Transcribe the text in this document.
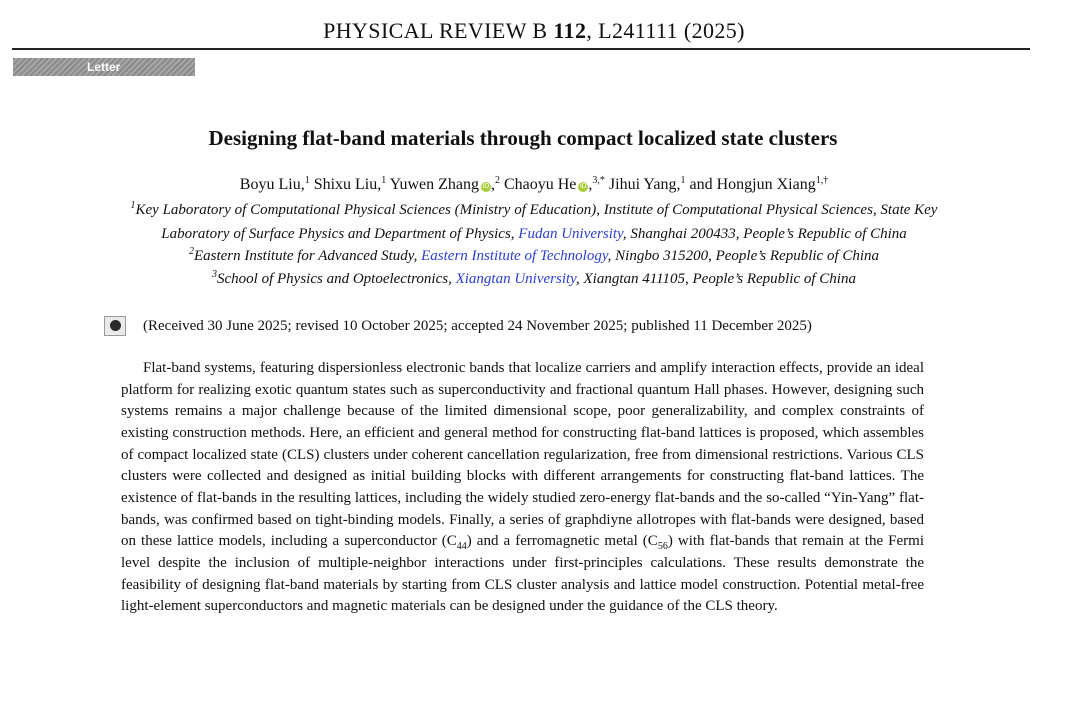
PHYSICAL REVIEW B 112, L241111 (2025)
Letter
Designing flat-band materials through compact localized state clusters
Boyu Liu,$^1$ Shixu Liu,$^1$ Yuwen Zhang iD ,$^2$ Chaoyu He iD ,$^{3,*}$ Jihui Yang,$^1$ and Hongjun Xiang$^{1,\dagger}$
$^1$Key Laboratory of Computational Physical Sciences (Ministry of Education), Institute of Computational Physical Sciences, State Key
Laboratory of Surface Physics and Department of Physics, Fudan University, Shanghai 200433, People’s Republic of China
$^2$Eastern Institute for Advanced Study, Eastern Institute of Technology, Ningbo 315200, People’s Republic of China
$^3$School of Physics and Optoelectronics, Xiangtan University, Xiangtan 411105, People’s Republic of China
(Received 30 June 2025; revised 10 October 2025; accepted 24 November 2025; published 11 December 2025)

Flat-band systems, featuring dispersionless electronic bands that localize carriers and amplify interaction effects, provide an ideal platform for realizing exotic quantum states such as superconductivity and fractional quantum Hall phases. However, designing such systems remains a major challenge because of the limited dimensional scope, poor generalizability, and complex constraints of existing construction methods. Here, an efficient and general method for constructing flat-band lattices is proposed, which assembles of compact localized state (CLS) clusters under coherent cancellation regularization, free from dimensional restrictions. Various CLS clusters were collected and designed as initial building blocks with different arrangements for constructing flat-band lattices. The existence of flat-bands in the resulting lattices, including the widely studied zero-energy flat-bands and the so-called “Yin-Yang” flat-bands, was confirmed based on tight-binding models. Finally, a series of graphdiyne allotropes with flat-bands were designed, based on these lattice models, including a superconductor $(C_{44})$ and a ferromagnetic metal $(C_{56})$ with flat-bands that remain at the Fermi level despite the inclusion of multiple-neighbor interactions under first-principles calculations. These results demonstrate the feasibility of designing flat-band materials by starting from CLS cluster analysis and lattice model construction. Potential metal-free light-element superconductors and magnetic materials can be designed under the guidance of the CLS theory.
